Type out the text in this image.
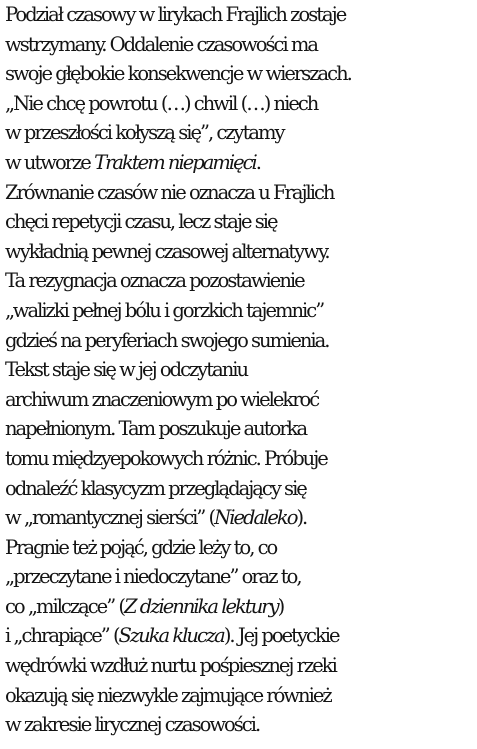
Podział czasowy w lirykach Frajlich zostaje
wstrzymany. Oddalenie czasowości ma
swoje głębokie konsekwencje w wierszach.
„Nie chcę powrotu (…) chwil (…) niech
w przeszłości kołyszą się”, czytamy
w utworze Traktem niepamięci.
Zrównanie czasów nie oznacza u Frajlich
chęci repetycji czasu, lecz staje się
wykładnią pewnej czasowej alternatywy.
Ta rezygnacja oznacza pozostawienie
„walizki pełnej bólu i gorzkich tajemnic”
gdzieś na peryferiach swojego sumienia.
Tekst staje się w jej odczytaniu
archiwum znaczeniowym po wielekroć
napełnionym. Tam poszukuje autorka
tomu międzyepokowych różnic. Próbuje
odnaleźć klasycyzm przeglądający się
w „romantycznej sierści” (Niedaleko).
Pragnie też pojąć, gdzie leży to, co
„przeczytane i niedoczytane” oraz to,
co „milczące” (Z dziennika lektury)
i „chrapiące” (Szuka klucza). Jej poetyckie
wędrówki wzdłuż nurtu pośpiesznej rzeki
okazują się niezwykle zajmujące również
w zakresie lirycznej czasowości.
